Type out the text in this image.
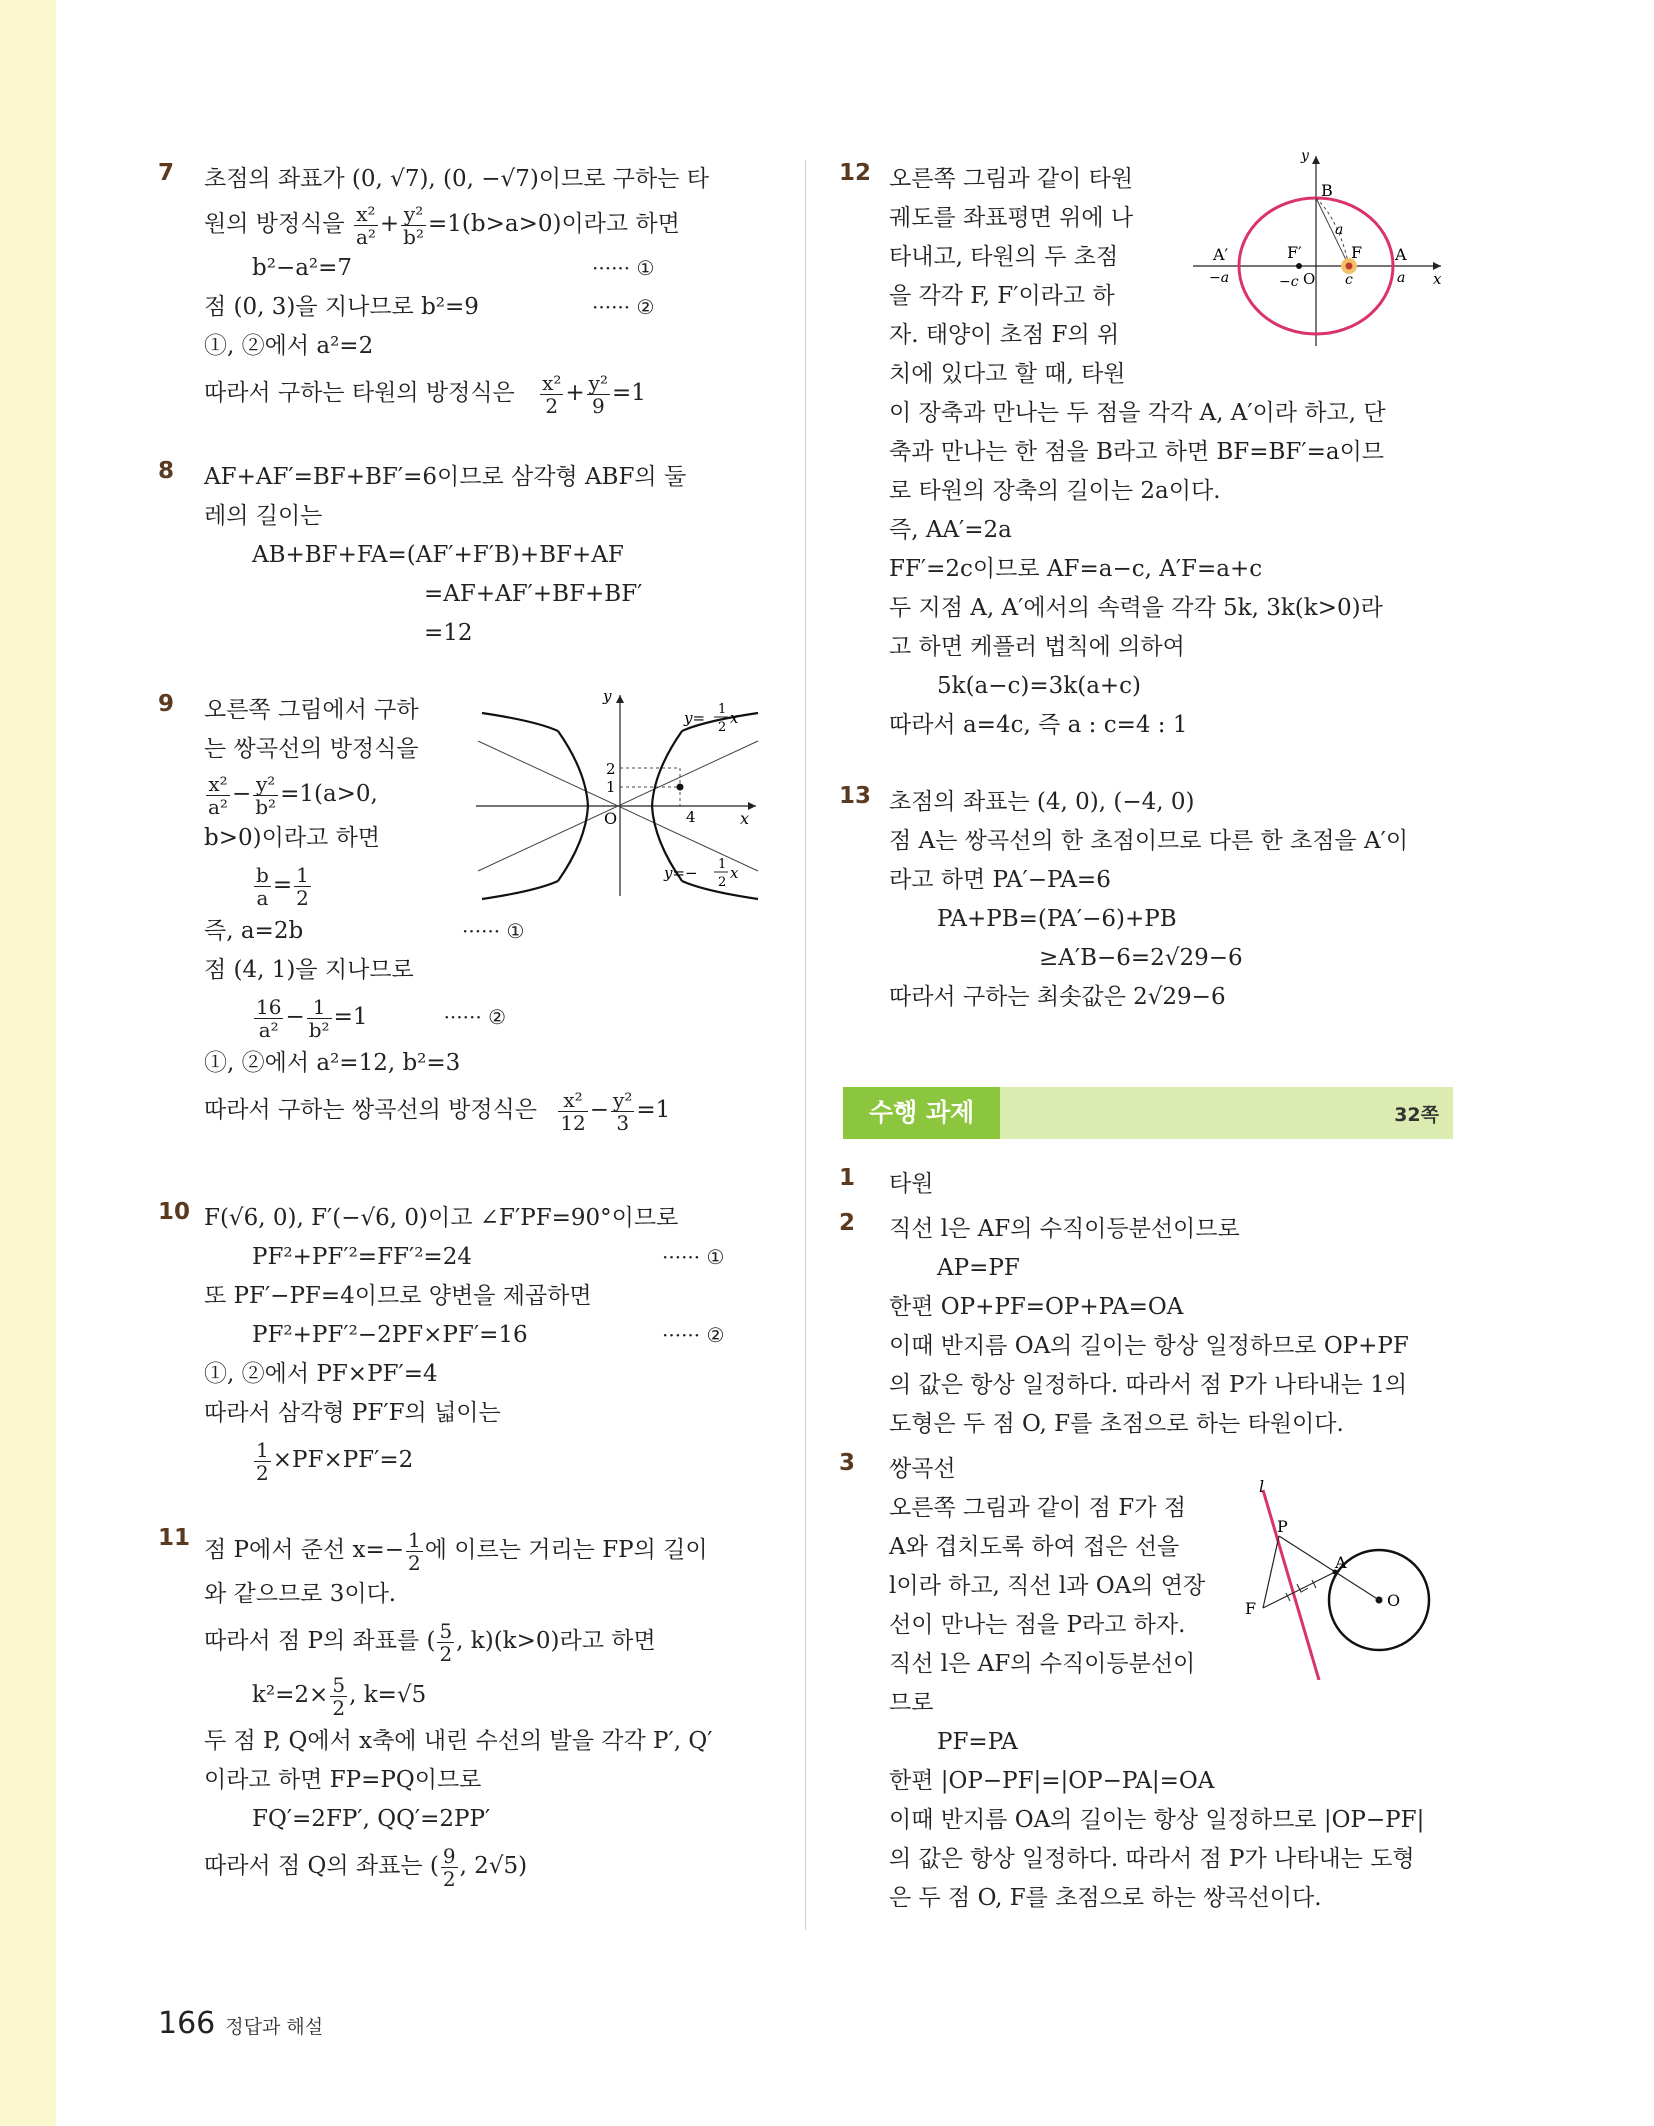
7 초점의 좌표가 (0, √7), (0, −√7)이므로 구하는 타
원의 방정식을 $\frac{\text{x²}}{\text{a²}} + \frac{\text{y²}}{\text{b²}} =1(b>a>0)$이라고 하면
b²−a²=7	······ ①
점 (0, 3)을 지나므로 b²=9	······ ②
①, ②에서 a²=2
따라서 구하는 타원의 방정식은 $\frac{\text{x²}}{2} + \frac{\text{y²}}{9} =1$
8 AF+AF′=BF+BF′=6이므로 삼각형 ABF의 둘
레의 길이는
AB+BF+FA=(AF′+F′B)+BF+AF
=AF+AF′+BF+BF′
=12
9 오른쪽 그림에서 구하
는 쌍곡선의 방정식을
$\frac{\text{x²}}{\text{a²}} - \frac{\text{y²}}{\text{b²}} =1(a>0$,
b>0)이라고 하면
$\frac{b}{a} = \frac{1}{2}$
즉, a=2b	······ ①
점 (4, 1)을 지나므로
$\frac{16}{\text{a²}} - \frac{1}{\text{b²}} =1$	······ ②
①, ②에서 a²=12, b²=3
따라서 구하는 쌍곡선의 방정식은 $\frac{\text{x²}}{12} - \frac{\text{y²}}{3} =1$
y
x
O
2
1
4
y= 1
2
x
y=− 1
2
x
10 F(√6, 0), F′(−√6, 0)이고 ∠F′PF=90°이므로
PF²+PF′²=FF′²=24	······ ①
또 PF′−PF=4이므로 양변을 제곱하면
PF²+PF′²−2PF×PF′=16	······ ②
①, ②에서 PF×PF′=4
따라서 삼각형 PF′F의 넓이는
$\frac{1}{2} \times PF\times PF'=2$
11 점 P에서 준선 $x=- \frac{1}{2}$ 에 이르는 거리는 FP의 길이
와 같으므로 3이다.
따라서 점 P의 좌표를 ( $\frac{5}{2}$ , k)(k>0)라고 하면
$k^2=2\times \frac{5}{2}$ , k=√5
두 점 P, Q에서 x축에 내린 수선의 발을 각각 P′, Q′
이라고 하면 FP=PQ이므로
FQ′=2FP′, QQ′=2PP′
따라서 점 Q의 좌표는 ( $\frac{9}{2}$ , 2√5)
12 오른쪽 그림과 같이 타원
궤도를 좌표평면 위에 나
타내고, 타원의 두 초점
을 각각 F, F′이라고 하
자. 태양이 초점 F의 위
치에 있다고 할 때, 타원
이 장축과 만나는 두 점을 각각 A, A′이라 하고, 단
축과 만나는 한 점을 B라고 하면 BF=BF′=a이므
로 타원의 장축의 길이는 2a이다.
즉, AA′=2a
FF′=2c이므로 AF=a−c, A′F=a+c
두 지점 A, A′에서의 속력을 각각 5k, 3k(k>0)라
고 하면 케플러 법칙에 의하여
5k(a−c)=3k(a+c)
따라서 a=4c, 즉 a : c=4 : 1
y
x
B
a
A′	F′	F A
−a	−c O c	a
13 초점의 좌표는 (4, 0), (−4, 0)
점 A는 쌍곡선의 한 초점이므로 다른 한 초점을 A′이
라고 하면 PA′−PA=6
PA+PB=(PA′−6)+PB
≥A′B−6=2√29−6
따라서 구하는 최솟값은 2√29−6
수행 과제	32쪽
1 타원
2 직선 l은 AF의 수직이등분선이므로
AP=PF
한편 OP+PF=OP+PA=OA
이때 반지름 OA의 길이는 항상 일정하므로 OP+PF
의 값은 항상 일정하다. 따라서 점 P가 나타내는 1의
도형은 두 점 O, F를 초점으로 하는 타원이다.
3 쌍곡선
오른쪽 그림과 같이 점 F가 점
A와 겹치도록 하여 접은 선을
l이라 하고, 직선 l과 OA의 연장
선이 만나는 점을 P라고 하자.
직선 l은 AF의 수직이등분선이
므로
PF=PA
한편 |OP−PF|=|OP−PA|=OA
이때 반지름 OA의 길이는 항상 일정하므로 |OP−PF|
의 값은 항상 일정하다. 따라서 점 P가 나타내는 도형
은 두 점 O, F를 초점으로 하는 쌍곡선이다.
l
P
A
F	O
166 정답과 해설
